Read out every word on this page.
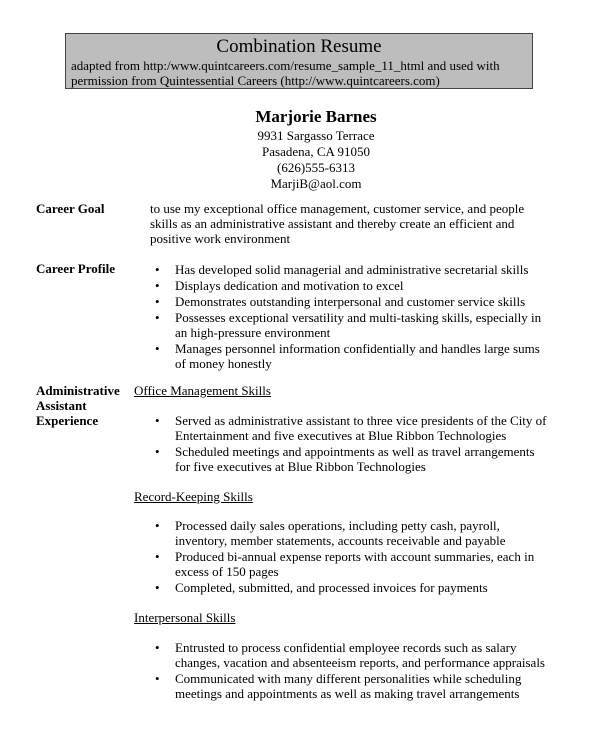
Combination Resume
adapted from http:/www.quintcareers.com/resume_sample_11_html and used with
permission from Quintessential Careers (http://www.quintcareers.com)
Marjorie Barnes
9931 Sargasso Terrace
Pasadena, CA 91050
(626)555-6313
MarjiB@aol.com
Career Goal	to use my exceptional office management, customer service, and people
skills as an administrative assistant and thereby create an efficient and
positive work environment
Career Profile
•	Has developed solid managerial and administrative secretarial skills
• Displays dedication and motivation to excel
• Demonstrates outstanding interpersonal and customer service skills
• Possesses exceptional versatility and multi-tasking skills, especially in
an high-pressure environment
• Manages personnel information confidentially and handles large sums
of money honestly
Administrative
Assistant
Experience
Office Management Skills
• Served as administrative assistant to three vice presidents of the City of
Entertainment and five executives at Blue Ribbon Technologies
• Scheduled meetings and appointments as well as travel arrangements
for five executives at Blue Ribbon Technologies
Record-Keeping Skills
• Processed daily sales operations, including petty cash, payroll,
inventory, member statements, accounts receivable and payable
• Produced bi-annual expense reports with account summaries, each in
excess of 150 pages
• Completed, submitted, and processed invoices for payments
Interpersonal Skills
• Entrusted to process confidential employee records such as salary
changes, vacation and absenteeism reports, and performance appraisals
• Communicated with many different personalities while scheduling
meetings and appointments as well as making travel arrangements
